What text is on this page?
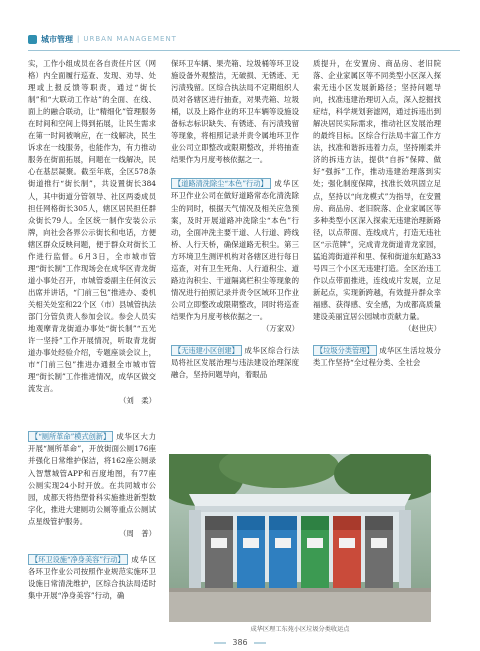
城市管理 | URBAN MANAGEMENT

实，工作小组成员在各自责任片区（网格）内全面履行巡查、发现、劝导、处理或上报反馈等职责，通过“街长制”和“大联动工作站”的全面、在线、面上的融合联动，让“精细化”管理服务在时间和空间上得到拓展，让民生需求在第一时间被响应，在一线解决，民生诉求在一线服务，也能作为，有力推动服务在街面拓展，问题在一线解决，民心在基层凝聚。截至年底，全区578条街道推行“街长制”，共设置街长384人，其中街道分管领导、社区两委成员担任网格街长305人，辖区居民担任群众街长79人。全区统一制作安装公示牌，向社会各界公示街长和电话，方便辖区群众反映问题，便于群众对街长工作进行监督。6月3日，全市城市管理“街长制”工作现场会在成华区青龙街道小事处召开，市城管委副主任何汝云出席并讲话，“门前三包”推进办、委机关相关处室和22个区（市）县城管执法部门分管负责人参加会议。参会人员实地观摩青龙街道办事处“街长制”“五光许一坚持”工作开展情况，听取青龙街道办事处经验介绍，专题座谈会议上，市“门前三包”推进办通报全市城市管理“街长制”工作推进情况，成华区做交流发言。

（刘　柔）

【“厕所革命”模式创新】 成华区大力开展“厕所革命”，开放街面公厕176座并强化日常维护保洁，将162座公厕录入智慧城管APP和百度地图，有77座公厕实现24小时开放。在共同城市公园，成都天将热塑骨科实施推进新型数字化，推进大建厕功公厕等重点公厕试点星级管护服务。

（周　普）

【环卫设施“净身美容”行动】 成华区各环卫作业公司按照作业规范实施环卫设施日常清洗维护，区综合执法局适时集中开展“净身美容”行动，确

保环卫车辆、果壳箱、垃圾桶等环卫设施设备外观整洁，无破损、无锈迹、无污渍残留。区综合执法局不定期组织人员对各辖区进行抽查，对果壳箱、垃圾桶，以及上路作业的环卫车辆等设施设备标志标识缺失、有锈迹、有污渍残留等现象，将相照记录并责令属地环卫作业公司立即整改或限期整改，并将抽查结果作为月度考核依据之一。

【道路清洗除尘“本色”行动】 成华区环卫作业公司在做好道路常态化清洗除尘的同时，根据天气情况及相关应急预案，及时开展道路冲洗除尘“本色”行动，全面冲洗主要干道、人行道、跨线桥、人行天桥，确保道路无积尘。第三方环境卫生测评机构对各辖区进行每日巡查，对有卫生死角、人行道积尘、道路边沟积尘、干道隔离栏积尘等现象的情况进行拍照记录并责令区域环卫作业公司立即整改或限期整改，同时将巡查结果作为月度考核依据之一。

（万家双）

【无违建小区创建】 成华区综合行法局将社区发展治理与违法建设治理深度融合，坚持问题导向，着眼品

质提升，在安置房、商品房、老旧院落、企业家属区等不同类型小区深入探索无违小区发展新路径；坚持问题导向，找准违建治理切入点，深入挖掘找症结，科学规划套滤网，通过拆违出到解决居民实际需求，推动社区发展治理的最终目标。区综合行法局丰富工作方法，找准和谐拆违着力点，坚持刚柔并济的拆违方法，提供“自拆”保障、做好“强拆”工作，推动违建治理落到实处；强化制度保障，找准长效巩固立足点，坚持以“向龙模式”为指导，在安置房、商品房、老旧院落、企业家属区等多种类型小区深入探索无违建治理新路径，以点带面、连线成片，打造无违社区“示范牌”，完成青龙街道青龙家园，猛追湾街道祥和里、保和街道东虹路33号四三个小区无违建打造。全区治违工作以点带面推进，连线成片发展，立足新起点，实现新跨越，有效提升群众幸福感、获得感、安全感，为成都高质量建设美丽宜居公园城市贡献力量。

（赵世庆）

【垃圾分类管理】 成华区生活垃圾分类工作坚持“全过程分类、全社会

成华区理工东苑小区垃圾分类收运点
386
